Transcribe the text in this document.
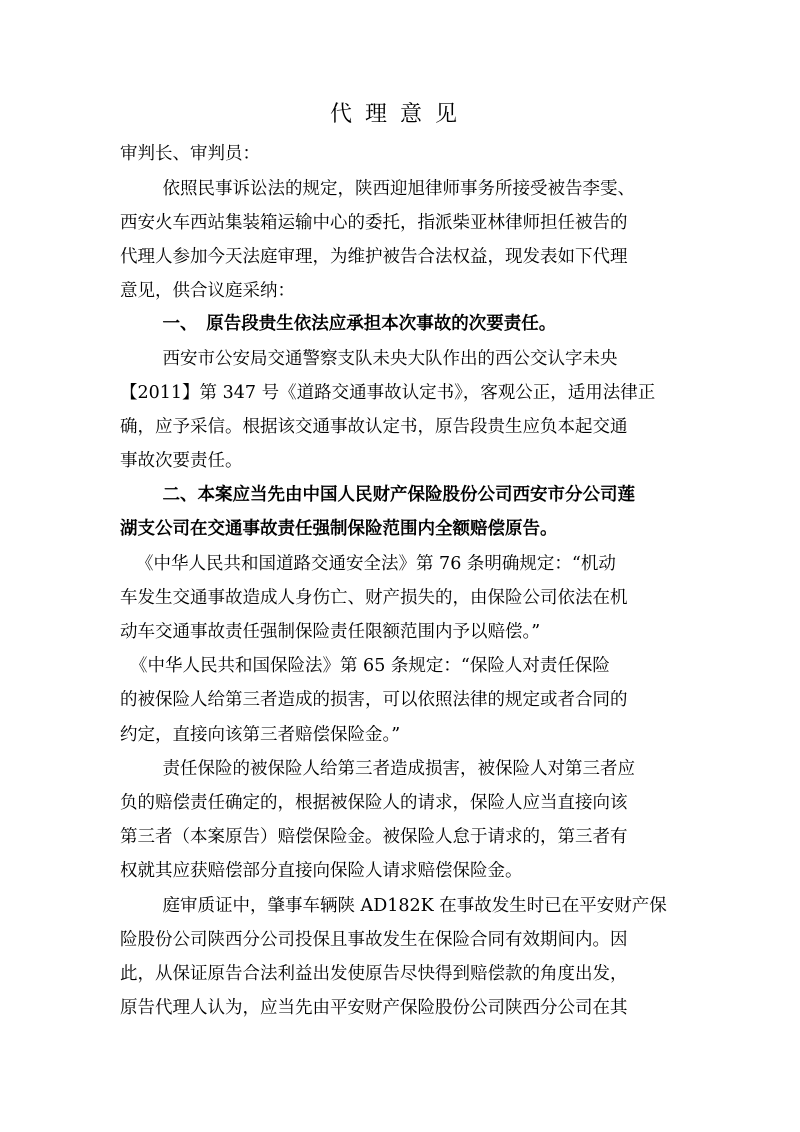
代理意见
审判长、审判员：
　依照民事诉讼法的规定，陕西迎旭律师事务所接受被告李雯、
西安火车西站集装箱运输中心的委托，指派柴亚林律师担任被告的
代理人参加今天法庭审理，为维护被告合法权益，现发表如下代理
意见，供合议庭采纳：
　一、　原告段贵生依法应承担本次事故的次要责任。
　西安市公安局交通警察支队未央大队作出的西公交认字未央
【2011】第 347 号《道路交通事故认定书》，客观公正，适用法律正
确，应予采信。根据该交通事故认定书，原告段贵生应负本起交通
事故次要责任。
　二、本案应当先由中国人民财产保险股份公司西安市分公司莲
湖支公司在交通事故责任强制保险范围内全额赔偿原告。
《中华人民共和国道路交通安全法》第 76 条明确规定：“机动
车发生交通事故造成人身伤亡、财产损失的，由保险公司依法在机
动车交通事故责任强制保险责任限额范围内予以赔偿。”
《中华人民共和国保险法》第 65 条规定：“保险人对责任保险
的被保险人给第三者造成的损害，可以依照法律的规定或者合同的
约定，直接向该第三者赔偿保险金。”
　责任保险的被保险人给第三者造成损害，被保险人对第三者应
负的赔偿责任确定的，根据被保险人的请求，保险人应当直接向该
第三者（本案原告）赔偿保险金。被保险人怠于请求的，第三者有
权就其应获赔偿部分直接向保险人请求赔偿保险金。
　庭审质证中，肇事车辆陕 AD182K 在事故发生时已在平安财产保
险股份公司陕西分公司投保且事故发生在保险合同有效期间内。因
此，从保证原告合法利益出发使原告尽快得到赔偿款的角度出发，
原告代理人认为，应当先由平安财产保险股份公司陕西分公司在其
